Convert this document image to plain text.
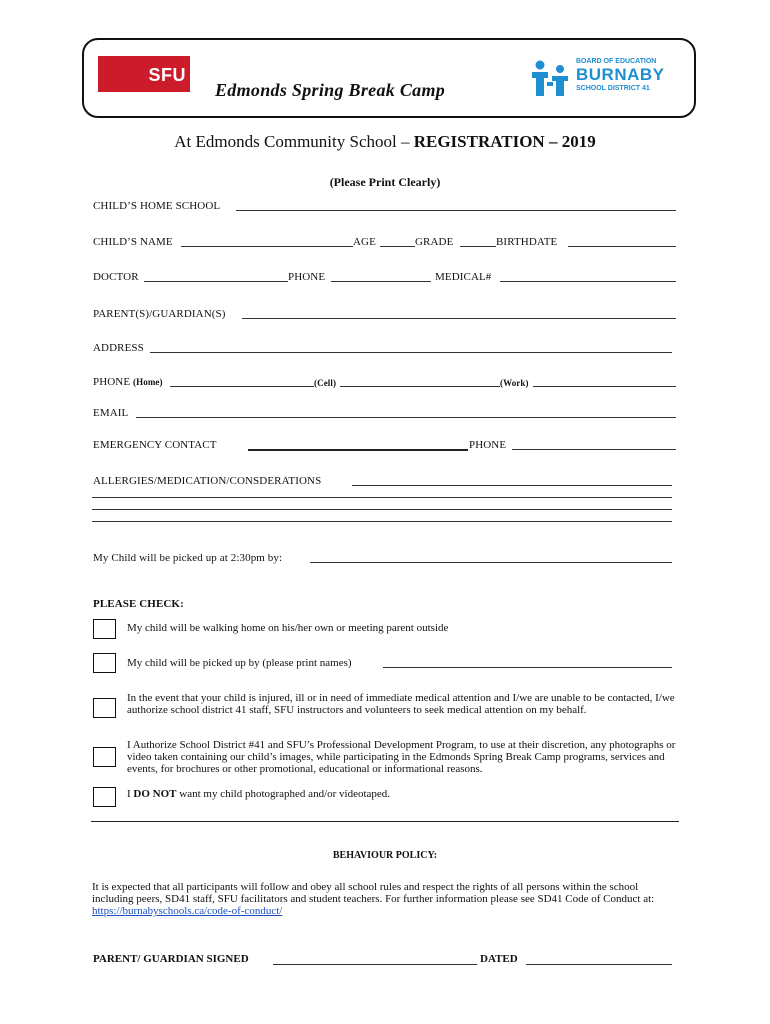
SFU
Edmonds Spring Break Camp
BOARD OF EDUCATION
BURNABY
SCHOOL DISTRICT 41
At Edmonds Community School – REGISTRATION – 2019
(Please Print Clearly)
CHILD’S HOME SCHOOL
CHILD’S NAME	AGE	GRADE	BIRTHDATE
DOCTOR	PHONE	MEDICAL#
PARENT(S)/GUARDIAN(S)
ADDRESS
PHONE (Home)	(Cell)	(Work)
EMAIL
EMERGENCY CONTACT	PHONE
ALLERGIES/MEDICATION/CONSDERATIONS
My Child will be picked up at 2:30pm by:
PLEASE CHECK:
My child will be walking home on his/her own or meeting parent outside
My child will be picked up by (please print names)
In the event that your child is injured, ill or in need of immediate medical attention and I/we are unable to be contacted, I/we authorize school district 41 staff, SFU instructors and volunteers to seek medical attention on my behalf.
I Authorize School District #41 and SFU’s Professional Development Program, to use at their discretion, any photographs or video taken containing our child’s images, while participating in the Edmonds Spring Break Camp programs, services and events, for brochures or other promotional, educational or informational reasons.
I DO NOT want my child photographed and/or videotaped.
BEHAVIOUR POLICY:
It is expected that all participants will follow and obey all school rules and respect the rights of all persons within the school including peers, SD41 staff, SFU facilitators and student teachers. For further information please see SD41 Code of Conduct at: https://burnabyschools.ca/code-of-conduct/
PARENT/ GUARDIAN SIGNED	DATED
